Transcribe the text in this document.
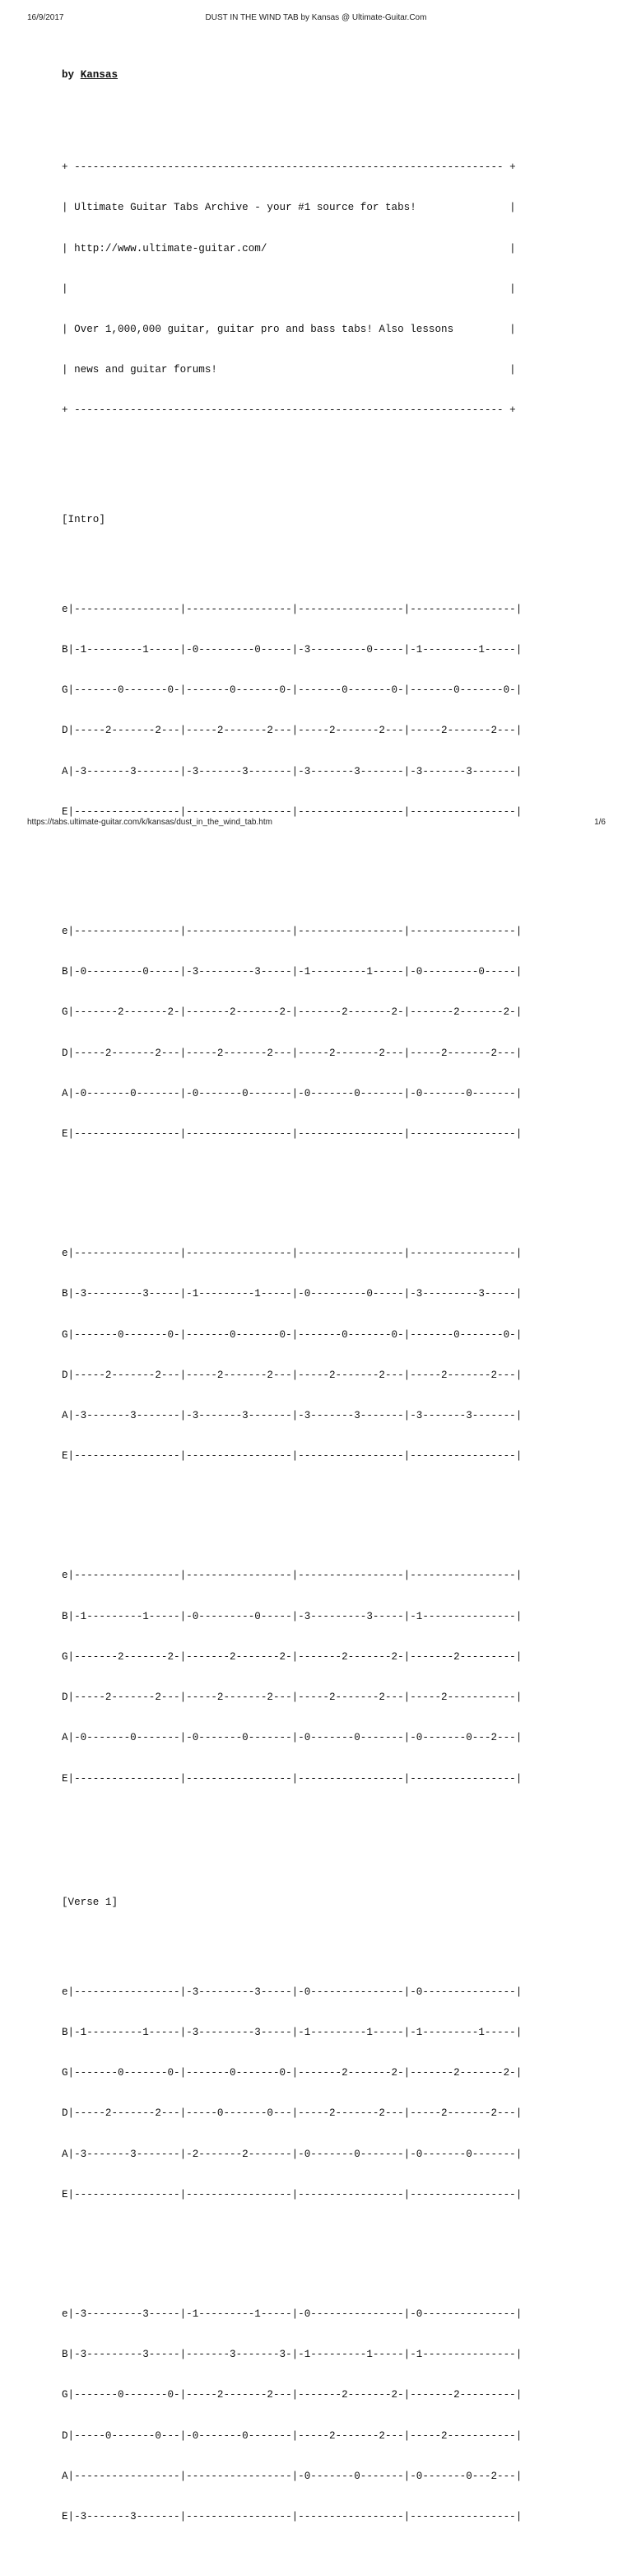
16/9/2017	DUST IN THE WIND TAB by Kansas @ Ultimate-Guitar.Com

by Kansas

+ --------------------------------------------------------------------- +

| Ultimate Guitar Tabs Archive - your #1 source for tabs!               |

| http://www.ultimate-guitar.com/                                       |

|                                                                       |

| Over 1,000,000 guitar, guitar pro and bass tabs! Also lessons         |

| news and guitar forums!                                               |

+ --------------------------------------------------------------------- +

[Intro]

e|-----------------|-----------------|-----------------|-----------------|

B|-1---------1-----|-0---------0-----|-3---------0-----|-1---------1-----|

G|-------0-------0-|-------0-------0-|-------0-------0-|-------0-------0-|

D|-----2-------2---|-----2-------2---|-----2-------2---|-----2-------2---|

A|-3-------3-------|-3-------3-------|-3-------3-------|-3-------3-------|

E|-----------------|-----------------|-----------------|-----------------|

e|-----------------|-----------------|-----------------|-----------------|

B|-0---------0-----|-3---------3-----|-1---------1-----|-0---------0-----|

G|-------2-------2-|-------2-------2-|-------2-------2-|-------2-------2-|

D|-----2-------2---|-----2-------2---|-----2-------2---|-----2-------2---|

A|-0-------0-------|-0-------0-------|-0-------0-------|-0-------0-------|

E|-----------------|-----------------|-----------------|-----------------|

e|-----------------|-----------------|-----------------|-----------------|

B|-3---------3-----|-1---------1-----|-0---------0-----|-3---------3-----|

G|-------0-------0-|-------0-------0-|-------0-------0-|-------0-------0-|

D|-----2-------2---|-----2-------2---|-----2-------2---|-----2-------2---|

A|-3-------3-------|-3-------3-------|-3-------3-------|-3-------3-------|

E|-----------------|-----------------|-----------------|-----------------|

e|-----------------|-----------------|-----------------|-----------------|

B|-1---------1-----|-0---------0-----|-3---------3-----|-1---------------|

G|-------2-------2-|-------2-------2-|-------2-------2-|-------2---------|

D|-----2-------2---|-----2-------2---|-----2-------2---|-----2-----------|

A|-0-------0-------|-0-------0-------|-0-------0-------|-0-------0---2---|

E|-----------------|-----------------|-----------------|-----------------|

[Verse 1]

e|-----------------|-3---------3-----|-0---------------|-0---------------|

B|-1---------1-----|-3---------3-----|-1---------1-----|-1---------1-----|

G|-------0-------0-|-------0-------0-|-------2-------2-|-------2-------2-|

D|-----2-------2---|-----0-------0---|-----2-------2---|-----2-------2---|

A|-3-------3-------|-2-------2-------|-0-------0-------|-0-------0-------|

E|-----------------|-----------------|-----------------|-----------------|

e|-3---------3-----|-1---------1-----|-0---------------|-0---------------|

B|-3---------3-----|-------3-------3-|-1---------1-----|-1---------------|

G|-------0-------0-|-----2-------2---|-------2-------2-|-------2---------|

D|-----0-------0---|-0-------0-------|-----2-------2---|-----2-----------|

A|-----------------|-----------------|-0-------0-------|-0-------0---2---|

E|-3-------3-------|-----------------|-----------------|-----------------|

https://tabs.ultimate-guitar.com/k/kansas/dust_in_the_wind_tab.htm	1/6
